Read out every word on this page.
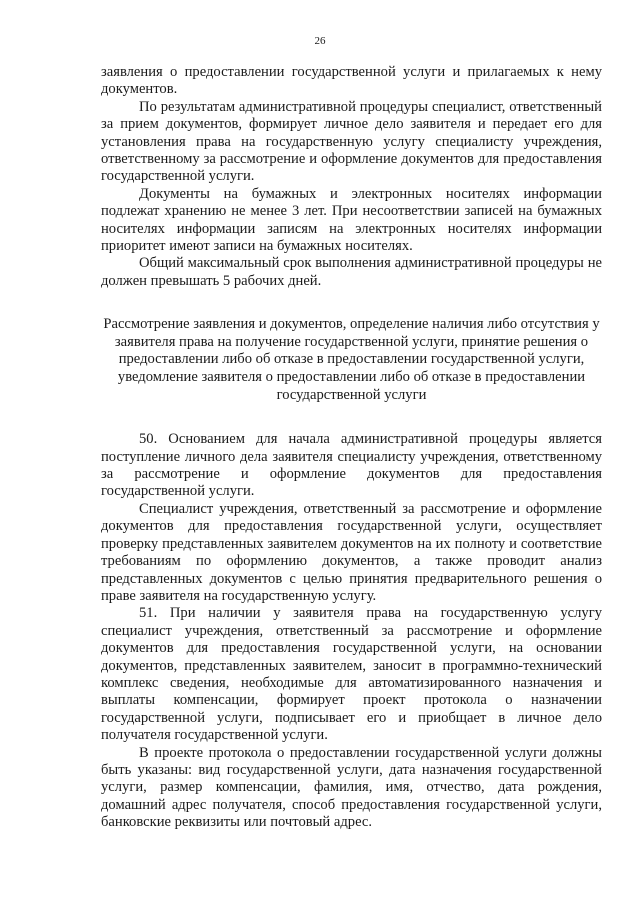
26

заявления о предоставлении государственной услуги и прилагаемых к нему документов.

По результатам административной процедуры специалист, ответственный за прием документов, формирует личное дело заявителя и передает его для установления права на государственную услугу специалисту учреждения, ответственному за рассмотрение и оформление документов для предоставления государственной услуги.

Документы на бумажных и электронных носителях информации подлежат хранению не менее 3 лет. При несоответствии записей на бумажных носителях информации записям на электронных носителях информации приоритет имеют записи на бумажных носителях.

Общий максимальный срок выполнения административной процедуры не должен превышать 5 рабочих дней.

Рассмотрение заявления и документов, определение наличия либо отсутствия у заявителя права на получение государственной услуги, принятие решения о предоставлении либо об отказе в предоставлении государственной услуги, уведомление заявителя о предоставлении либо об отказе в предоставлении государственной услуги

50. Основанием для начала административной процедуры является поступление личного дела заявителя специалисту учреждения, ответственному за рассмотрение и оформление документов для предоставления государственной услуги.

Специалист учреждения, ответственный за рассмотрение и оформление документов для предоставления государственной услуги, осуществляет проверку представленных заявителем документов на их полноту и соответствие требованиям по оформлению документов, а также проводит анализ представленных документов с целью принятия предварительного решения о праве заявителя на государственную услугу.

51. При наличии у заявителя права на государственную услугу специалист учреждения, ответственный за рассмотрение и оформление документов для предоставления государственной услуги, на основании документов, представленных заявителем, заносит в программно-технический комплекс сведения, необходимые для автоматизированного назначения и выплаты компенсации, формирует проект протокола о назначении государственной услуги, подписывает его и приобщает в личное дело получателя государственной услуги.

В проекте протокола о предоставлении государственной услуги должны быть указаны: вид государственной услуги, дата назначения государственной услуги, размер компенсации, фамилия, имя, отчество, дата рождения, домашний адрес получателя, способ предоставления государственной услуги, банковские реквизиты или почтовый адрес.
